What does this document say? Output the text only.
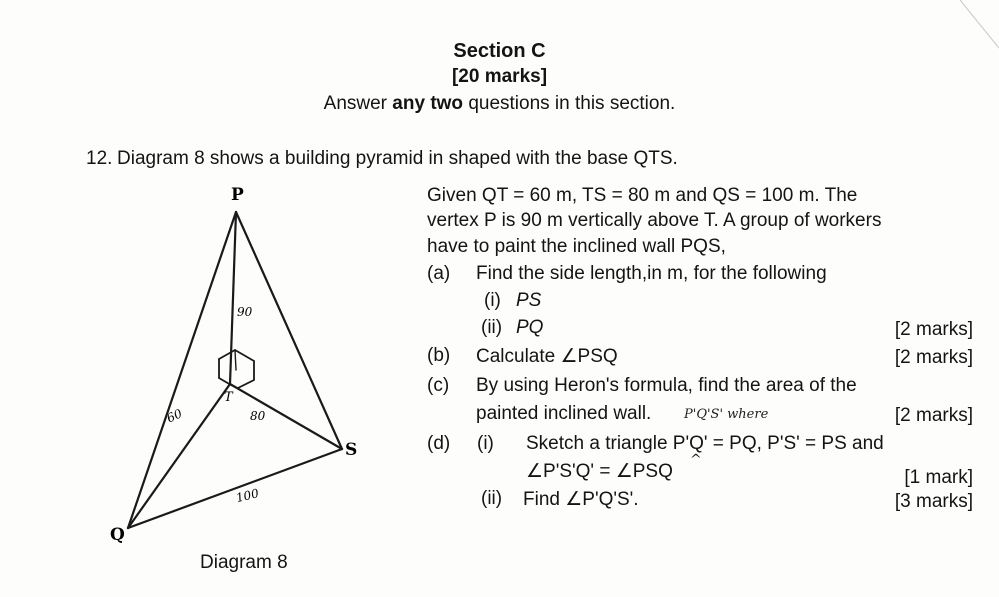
Section C
[20 marks]
Answer any two questions in this section.
12. Diagram 8 shows a building pyramid in shaped with the base QTS.
P
Q
S
T
90
60	80
100
Diagram 8
Given QT = 60 m, TS = 80 m and QS = 100 m. The
vertex P is 90 m vertically above T. A group of workers
have to paint the inclined wall PQS,
(a) Find the side length,in m, for the following
(i) PS
(ii) PQ	[2 marks]
(b) Calculate ∠PSQ	[2 marks]
(c) By using Heron's formula, find the area of the
painted inclined wall.	P'Q'S' where	[2 marks]
(d) (i) Sketch a triangle P'Q' = PQ, P'S' = PS and
∠P'S'Q' = ∠PSQ
^
[1 mark]
(ii) Find ∠P'Q'S'.	[3 marks]
